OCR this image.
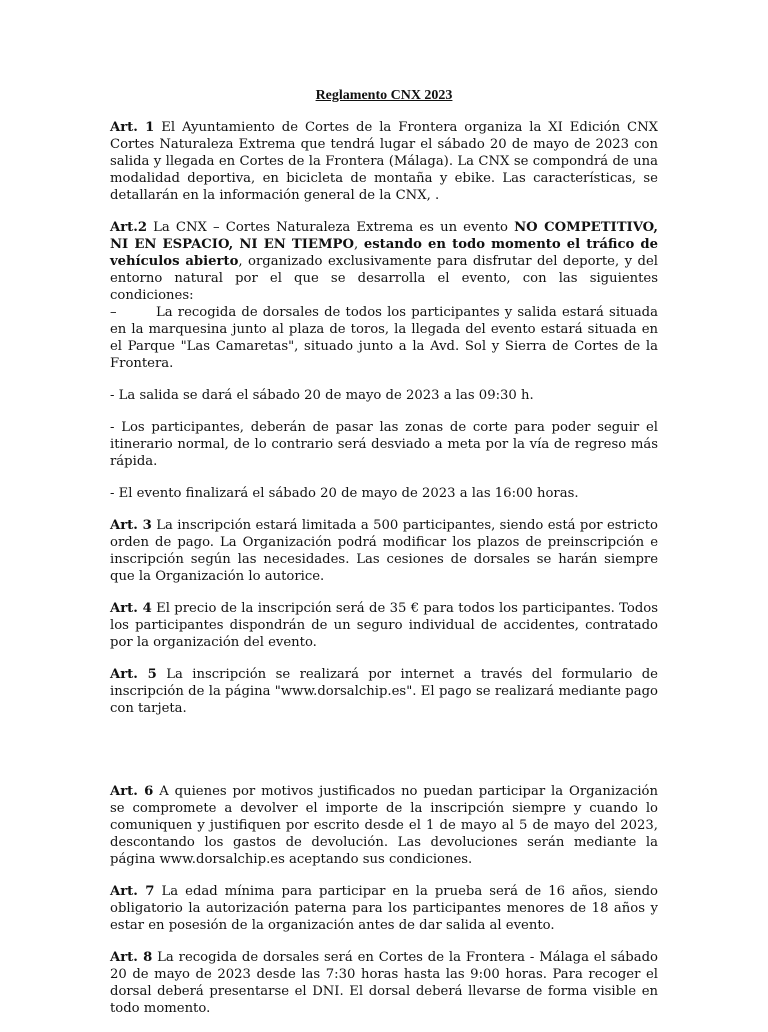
Reglamento CNX 2023

Art. 1 El Ayuntamiento de Cortes de la Frontera organiza la XI Edición CNX Cortes Naturaleza Extrema que tendrá lugar el sábado 20 de mayo de 2023 con salida y llegada en Cortes de la Frontera (Málaga). La CNX se compondrá de una modalidad deportiva, en bicicleta de montaña y ebike. Las características, se detallarán en la información general de la CNX, .

Art.2 La CNX – Cortes Naturaleza Extrema es un evento NO COMPETITIVO, NI EN ESPACIO, NI EN TIEMPO, estando en todo momento el tráfico de vehículos abierto, organizado exclusivamente para disfrutar del deporte, y del entorno natural por el que se desarrolla el evento, con las siguientes condiciones:

–	La recogida de dorsales de todos los participantes y salida estará situada en la marquesina junto al plaza de toros, la llegada del evento estará situada en el Parque "Las Camaretas", situado junto a la Avd. Sol y Sierra de Cortes de la Frontera.

- La salida se dará el sábado 20 de mayo de 2023 a las 09:30 h.

- Los participantes, deberán de pasar las zonas de corte para poder seguir el itinerario normal, de lo contrario será desviado a meta por la vía de regreso más rápida.

- El evento finalizará el sábado 20 de mayo de 2023 a las 16:00 horas.

Art. 3 La inscripción estará limitada a 500 participantes, siendo está por estricto orden de pago. La Organización podrá modificar los plazos de preinscripción e inscripción según las necesidades. Las cesiones de dorsales se harán siempre que la Organización lo autorice.

Art. 4 El precio de la inscripción será de 35 € para todos los participantes. Todos los participantes dispondrán de un seguro individual de accidentes, contratado por la organización del evento.

Art. 5 La inscripción se realizará por internet a través del formulario de inscripción de la página "www.dorsalchip.es". El pago se realizará mediante pago con tarjeta.

Art. 6 A quienes por motivos justificados no puedan participar la Organización se compromete a devolver el importe de la inscripción siempre y cuando lo comuniquen y justifiquen por escrito desde el 1 de mayo al 5 de mayo del 2023, descontando los gastos de devolución. Las devoluciones serán mediante la página www.dorsalchip.es aceptando sus condiciones.

Art. 7 La edad mínima para participar en la prueba será de 16 años, siendo obligatorio la autorización paterna para los participantes menores de 18 años y estar en posesión de la organización antes de dar salida al evento.

Art. 8 La recogida de dorsales será en Cortes de la Frontera - Málaga el sábado 20 de mayo de 2023 desde las 7:30 horas hasta las 9:00 horas. Para recoger el dorsal deberá presentarse el DNI. El dorsal deberá llevarse de forma visible en todo momento.
